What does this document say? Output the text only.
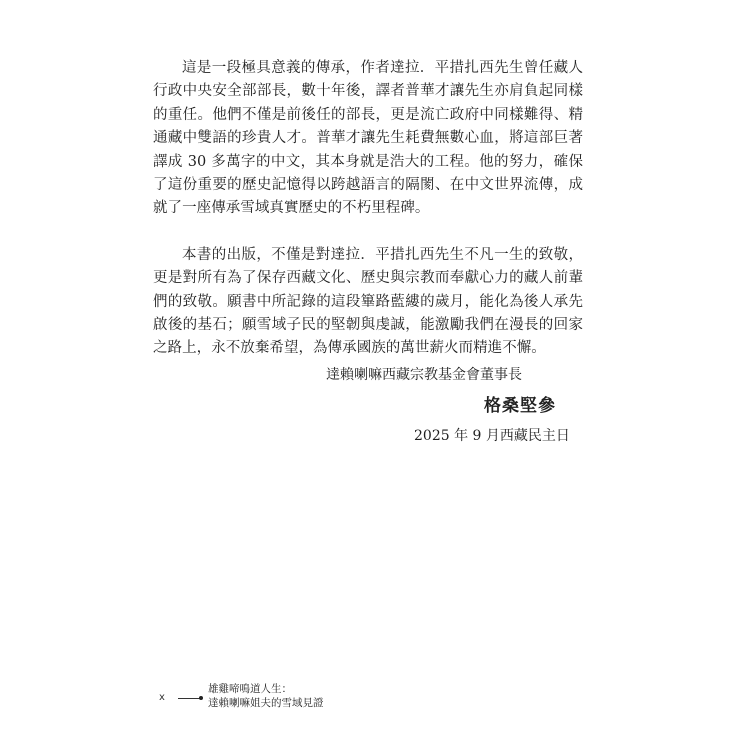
這是一段極具意義的傳承，作者達拉．平措扎西先生曾任藏人行政中央安全部部長，數十年後，譯者普華才讓先生亦肩負起同樣的重任。他們不僅是前後任的部長，更是流亡政府中同樣難得、精通藏中雙語的珍貴人才。普華才讓先生耗費無數心血，將這部巨著譯成 30 多萬字的中文，其本身就是浩大的工程。他的努力，確保了這份重要的歷史記憶得以跨越語言的隔閡、在中文世界流傳，成就了一座傳承雪域真實歷史的不朽里程碑。

本書的出版，不僅是對達拉．平措扎西先生不凡一生的致敬，更是對所有為了保存西藏文化、歷史與宗教而奉獻心力的藏人前輩們的致敬。願書中所記錄的這段篳路藍縷的歲月，能化為後人承先啟後的基石；願雪域子民的堅韌與虔誠，能激勵我們在漫長的回家之路上，永不放棄希望，為傳承國族的萬世薪火而精進不懈。

達賴喇嘛西藏宗教基金會董事長

格桑堅參

2025 年 9 月西藏民主日

x
雄雞啼鳴道人生：
達賴喇嘛姐夫的雪域見證
